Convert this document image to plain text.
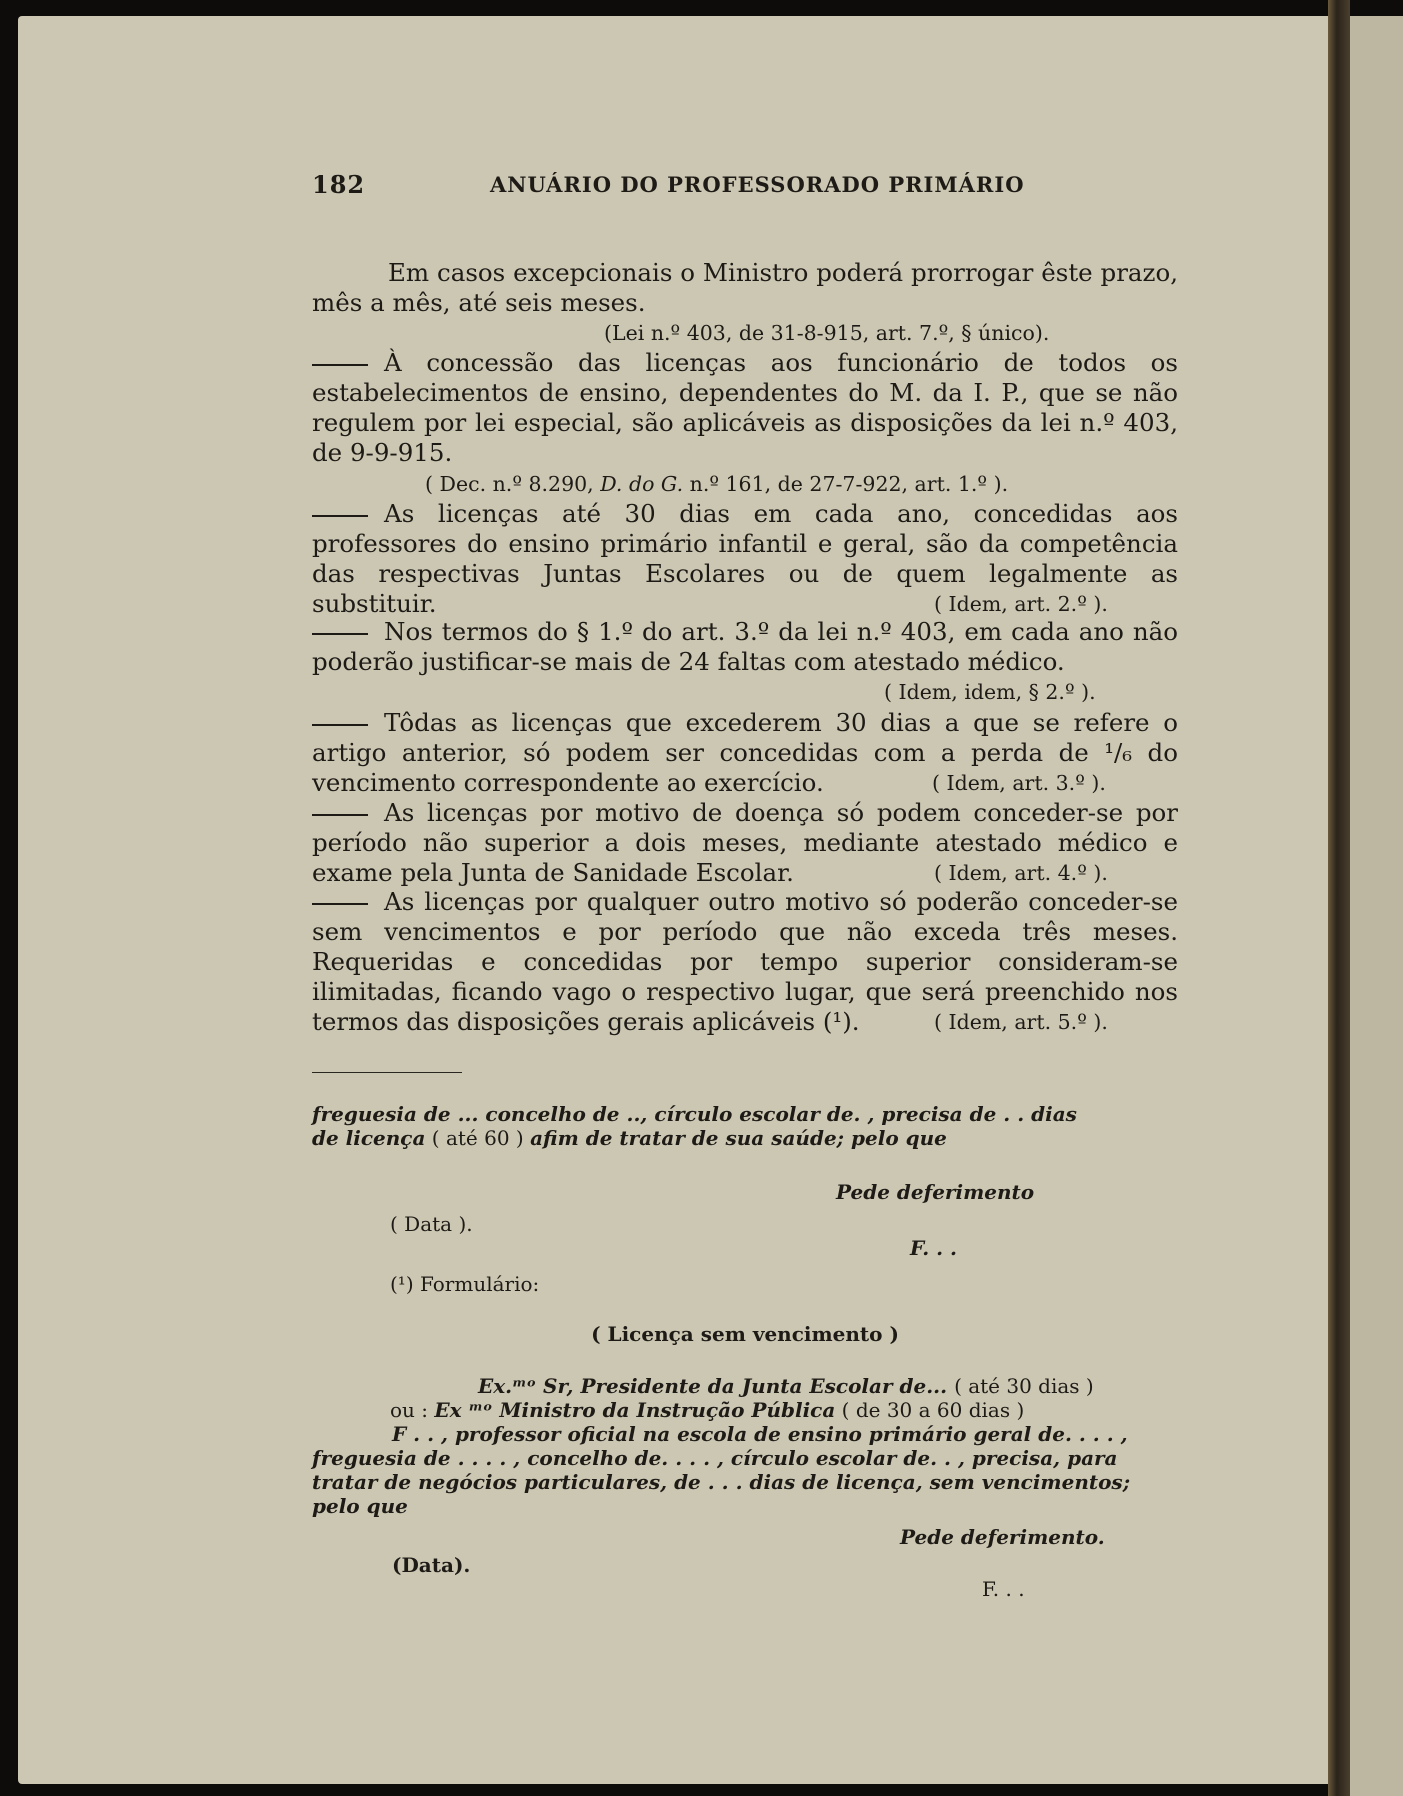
182	ANUÁRIO DO PROFESSORADO PRIMÁRIO
Em casos excepcionais o Ministro poderá prorrogar êste prazo, mês a mês, até seis meses.
(Lei n.º 403, de 31-8-915, art. 7.º, § único).
À concessão das licenças aos funcionário de todos os estabelecimentos de ensino, dependentes do M. da I. P., que se não regulem por lei especial, são aplicáveis as disposições da lei n.º 403, de 9-9-915.
( Dec. n.º 8.290, D. do G. n.º 161, de 27-7-922, art. 1.º ).
As licenças até 30 dias em cada ano, concedidas aos professores do ensino primário infantil e geral, são da competência das respectivas Juntas Escolares ou de quem legalmente as substituir.	( Idem, art. 2.º ).
Nos termos do § 1.º do art. 3.º da lei n.º 403, em cada ano não poderão justificar-se mais de 24 faltas com atestado médico.
( Idem, idem, § 2.º ).
Tôdas as licenças que excederem 30 dias a que se refere o artigo anterior, só podem ser concedidas com a perda de ¹/₆ do vencimento correspondente ao exercício.	( Idem, art. 3.º ).
As licenças por motivo de doença só podem conceder-se por período não superior a dois meses, mediante atestado médico e exame pela Junta de Sanidade Escolar.	( Idem, art. 4.º ).
As licenças por qualquer outro motivo só poderão conceder-se sem vencimentos e por período que não exceda três meses. Requeridas e concedidas por tempo superior consideram-se ilimitadas, ficando vago o respectivo lugar, que será preenchido nos termos das disposições gerais aplicáveis (¹).	( Idem, art. 5.º ).
freguesia de ... concelho de .., círculo escolar de. , precisa de . . dias
de licença ( até 60 ) afim de tratar de sua saúde; pelo que
Pede deferimento
( Data ).
F. . .
(¹) Formulário:
( Licença sem vencimento )
Ex.ᵐᵒ Sr, Presidente da Junta Escolar de... ( até 30 dias )
ou : Ex ᵐᵒ Ministro da Instrução Pública ( de 30 a 60 dias )
F . . , professor oficial na escola de ensino primário geral de. . . . ,
freguesia de . . . . , concelho de. . . . , círculo escolar de. . , precisa, para
tratar de negócios particulares, de . . . dias de licença, sem vencimentos;
pelo que
Pede deferimento.
(Data).
F. . .
